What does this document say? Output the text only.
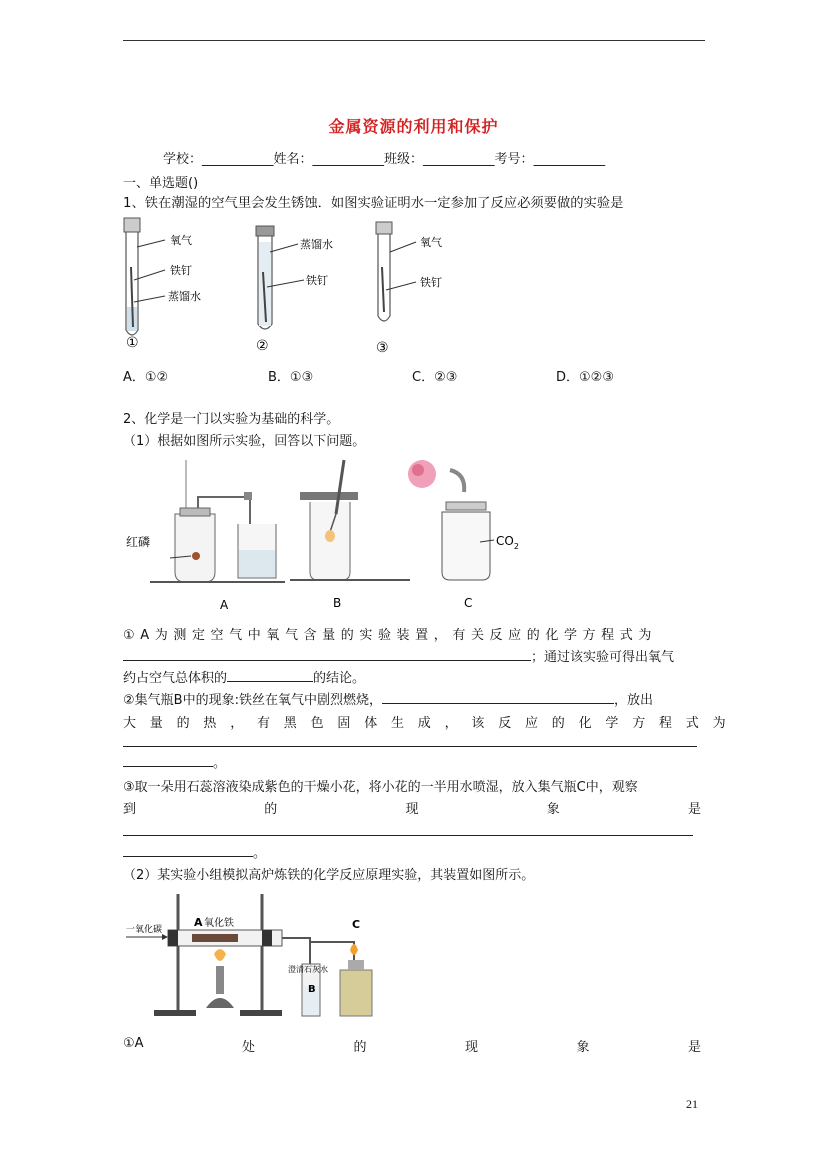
金属资源的利用和保护
学校：___________姓名：___________班级：___________考号：___________
一、单选题()
1、铁在潮湿的空气里会发生锈蚀．如图实验证明水一定参加了反应必须要做的实验是
氧气
铁钉
蒸馏水
①
蒸馏水
铁钉
②
氧气
铁钉
③
A．①②	B．①③	C．②③	D．①②③
2、化学是一门以实验为基础的科学。
（1）根据如图所示实验，回答以下问题。
红磷
A	B
$CO_2$
C
①A为测定空气中氧气含量的实验装置，有关反应的化学方程式为
；通过该实验可得出氧气
约占空气总体积的	的结论。
②集气瓶B中的现象:铁丝在氧气中剧烈燃烧，	，放出
大量的热，有黑色固体生成，该反应的化学方程式为
。
③取一朵用石蕊溶液染成紫色的干燥小花，将小花的一半用水喷湿，放入集气瓶C中，观察
到	的	现	象	是
。
（2）某实验小组模拟高炉炼铁的化学反应原理实验，其装置如图所示。
一氧化碳
A 氧化铁
B
C
澄清石灰水
①A	处	的	现	象	是
21
